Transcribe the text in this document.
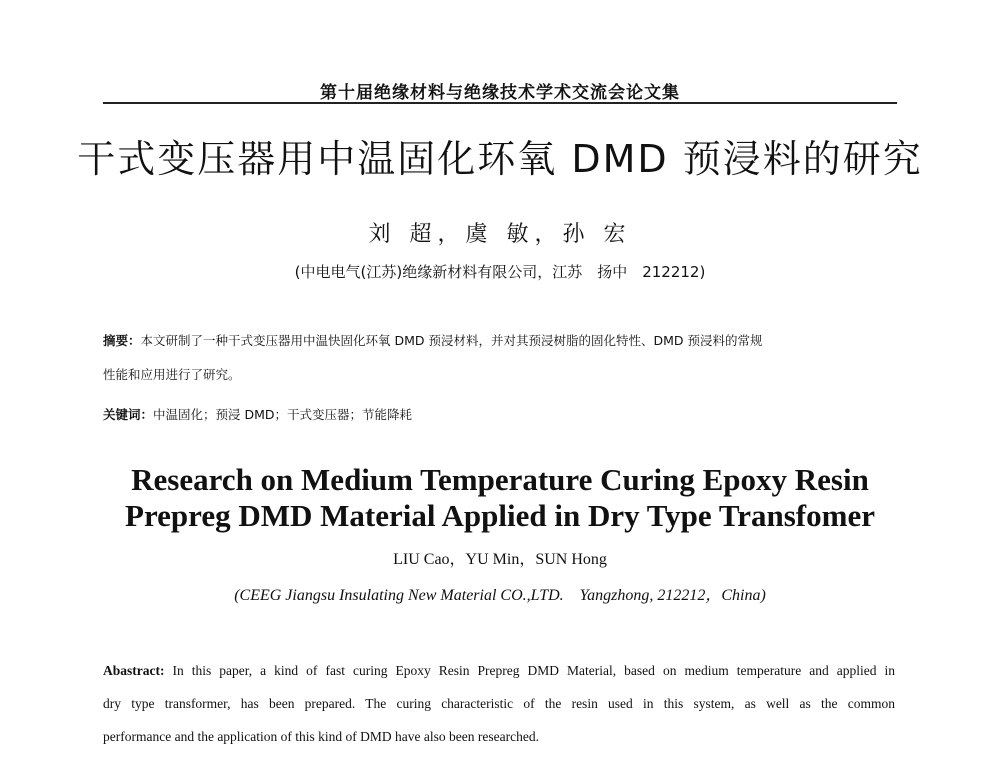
第十届绝缘材料与绝缘技术学术交流会论文集
干式变压器用中温固化环氧 DMD 预浸料的研究
刘 超，虞 敏，孙 宏
(中电电气(江苏)绝缘新材料有限公司，江苏　扬中　212212)
摘要：本文研制了一种干式变压器用中温快固化环氧 DMD 预浸材料，并对其预浸树脂的固化特性、DMD 预浸料的常规
性能和应用进行了研究。
关键词：中温固化；预浸 DMD；干式变压器；节能降耗
Research on Medium Temperature Curing Epoxy Resin
Prepreg DMD Material Applied in Dry Type Transfomer
LIU Cao，YU Min，SUN Hong
(CEEG Jiangsu Insulating New Material CO.,LTD.　Yangzhong, 212212，China)
Abastract: In this paper, a kind of fast curing Epoxy Resin Prepreg DMD Material, based on medium temperature and applied in
dry type transformer, has been prepared. The curing characteristic of the resin used in this system, as well as the common
performance and the application of this kind of DMD have also been researched.
